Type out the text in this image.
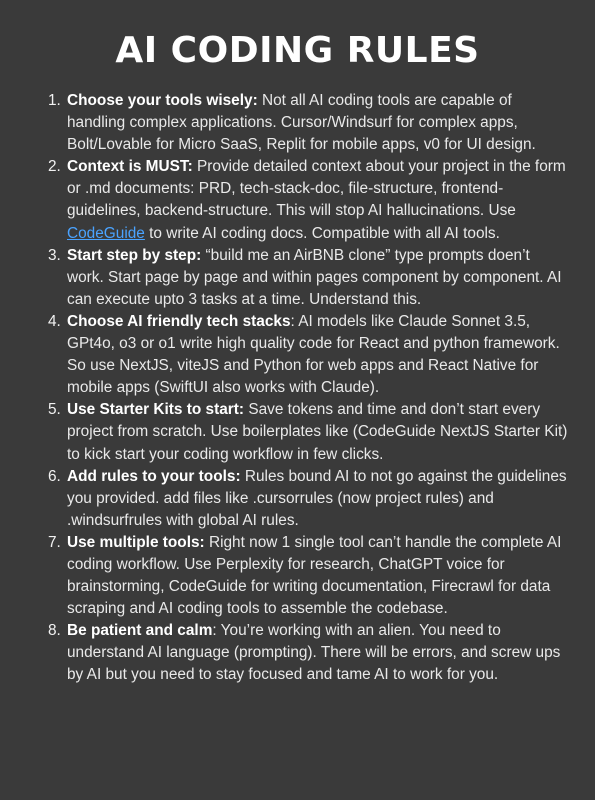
AI CODING RULES
1. Choose your tools wisely: Not all AI coding tools are capable of handling complex applications. Cursor/Windsurf for complex apps, Bolt/Lovable for Micro SaaS, Replit for mobile apps, v0 for UI design.
2. Context is MUST: Provide detailed context about your project in the form or .md documents: PRD, tech-stack-doc, file-structure, frontend-guidelines, backend-structure. This will stop AI hallucinations. Use CodeGuide to write AI coding docs. Compatible with all AI tools.
3. Start step by step: “build me an AirBNB clone” type prompts doen’t work. Start page by page and within pages component by component. AI can execute upto 3 tasks at a time. Understand this.
4. Choose AI friendly tech stacks: AI models like Claude Sonnet 3.5, GPt4o, o3 or o1 write high quality code for React and python framework. So use NextJS, viteJS and Python for web apps and React Native for mobile apps (SwiftUI also works with Claude).
5. Use Starter Kits to start: Save tokens and time and don’t start every project from scratch. Use boilerplates like (CodeGuide NextJS Starter Kit) to kick start your coding workflow in few clicks.
6. Add rules to your tools: Rules bound AI to not go against the guidelines you provided. add files like .cursorrules (now project rules) and .windsurfrules with global AI rules.
7. Use multiple tools: Right now 1 single tool can’t handle the complete AI coding workflow. Use Perplexity for research, ChatGPT voice for brainstorming, CodeGuide for writing documentation, Firecrawl for data scraping and AI coding tools to assemble the codebase.
8. Be patient and calm: You’re working with an alien. You need to understand AI language (prompting). There will be errors, and screw ups by AI but you need to stay focused and tame AI to work for you.
